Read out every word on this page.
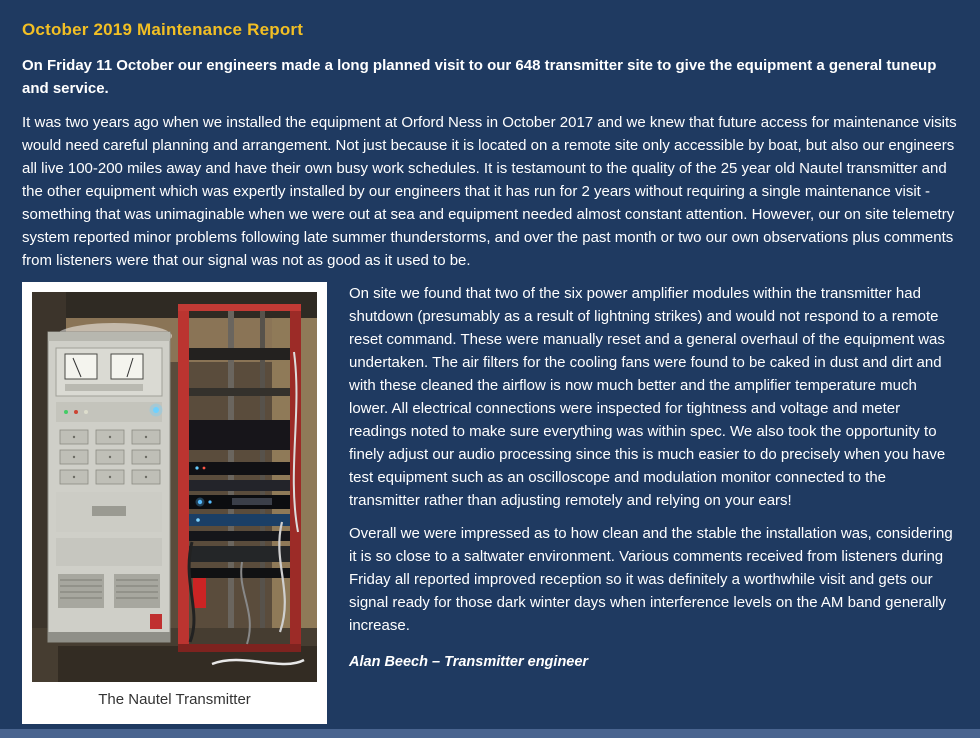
October 2019 Maintenance Report

On Friday 11 October our engineers made a long planned visit to our 648 transmitter site to give the equipment a general tuneup and service.

It was two years ago when we installed the equipment at Orford Ness in October 2017 and we knew that future access for maintenance visits would need careful planning and arrangement. Not just because it is located on a remote site only accessible by boat, but also our engineers all live 100-200 miles away and have their own busy work schedules. It is testamount to the quality of the 25 year old Nautel transmitter and the other equipment which was expertly installed by our engineers that it has run for 2 years without requiring a single maintenance visit - something that was unimaginable when we were out at sea and equipment needed almost constant attention. However, our on site telemetry system reported minor problems following late summer thunderstorms, and over the past month or two our own observations plus comments from listeners were that our signal was not as good as it used to be.

The Nautel Transmitter

On site we found that two of the six power amplifier modules within the transmitter had shutdown (presumably as a result of lightning strikes) and would not respond to a remote reset command. These were manually reset and a general overhaul of the equipment was undertaken. The air filters for the cooling fans were found to be caked in dust and dirt and with these cleaned the airflow is now much better and the amplifier temperature much lower. All electrical connections were inspected for tightness and voltage and meter readings noted to make sure everything was within spec. We also took the opportunity to finely adjust our audio processing since this is much easier to do precisely when you have test equipment such as an oscilloscope and modulation monitor connected to the transmitter rather than adjusting remotely and relying on your ears!

Overall we were impressed as to how clean and the stable the installation was, considering it is so close to a saltwater environment. Various comments received from listeners during Friday all reported improved reception so it was definitely a worthwhile visit and gets our signal ready for those dark winter days when interference levels on the AM band generally increase.

Alan Beech – Transmitter engineer
